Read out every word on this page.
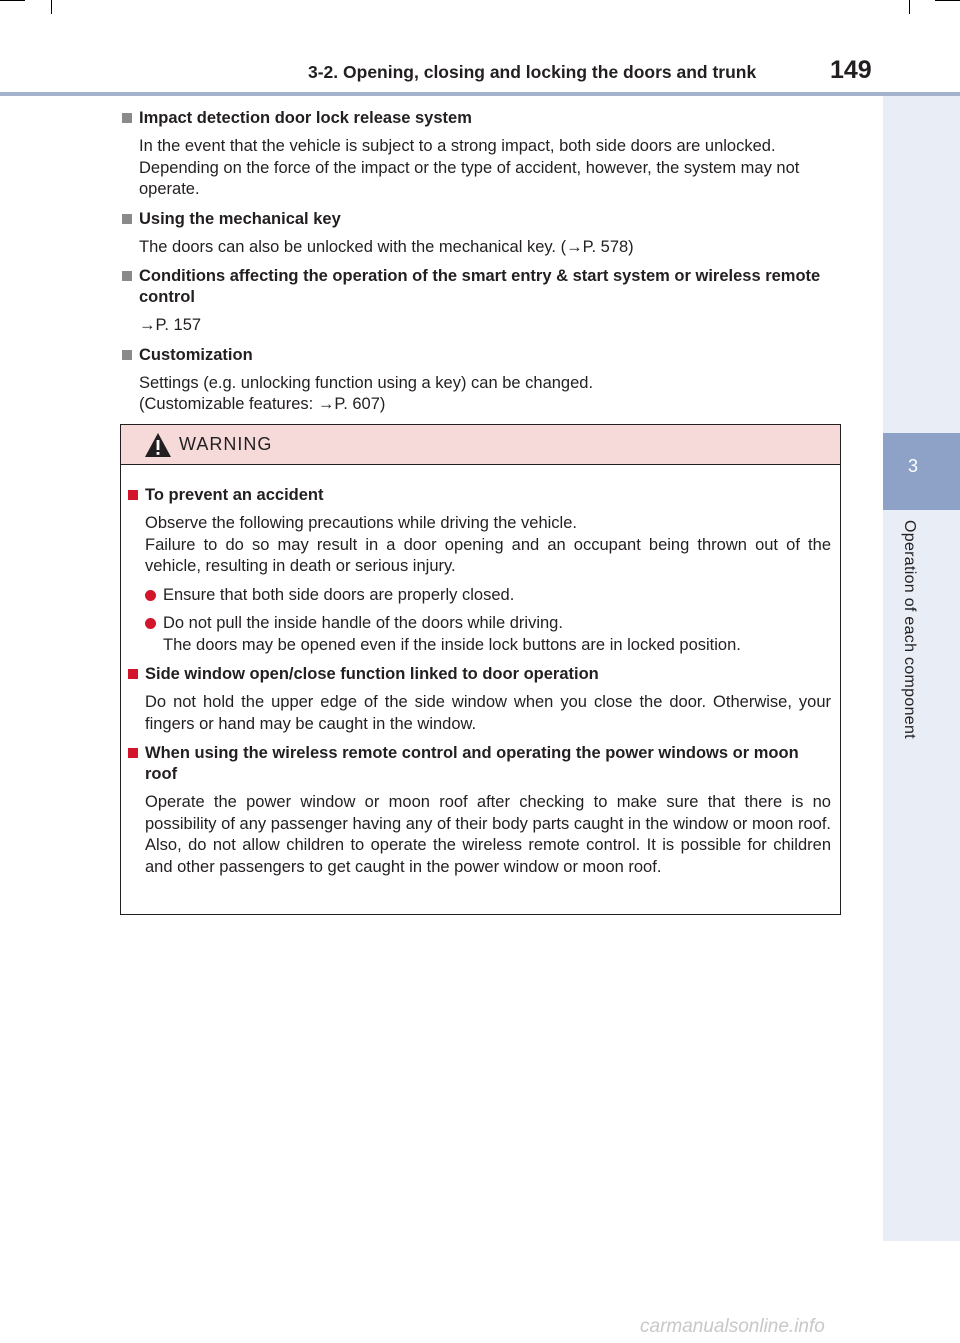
3-2. Opening, closing and locking the doors and trunk	149
3
Operation of each component
Impact detection door lock release system

In the event that the vehicle is subject to a strong impact, both side doors are unlocked. Depending on the force of the impact or the type of accident, however, the system may not operate.

Using the mechanical key

The doors can also be unlocked with the mechanical key. (→P. 578)

Conditions affecting the operation of the smart entry & start system or wireless remote control

→P. 157

Customization

Settings (e.g. unlocking function using a key) can be changed.

(Customizable features: →P. 607)

WARNING
To prevent an accident

Observe the following precautions while driving the vehicle.

Failure to do so may result in a door opening and an occupant being thrown out of the vehicle, resulting in death or serious injury.

Ensure that both side doors are properly closed.
Do not pull the inside handle of the doors while driving.
The doors may be opened even if the inside lock buttons are in locked position.
Side window open/close function linked to door operation

Do not hold the upper edge of the side window when you close the door. Otherwise, your fingers or hand may be caught in the window.

When using the wireless remote control and operating the power windows or moon roof

Operate the power window or moon roof after checking to make sure that there is no possibility of any passenger having any of their body parts caught in the window or moon roof. Also, do not allow children to operate the wireless remote control. It is possible for children and other passengers to get caught in the power window or moon roof.

carmanualsonline.info
